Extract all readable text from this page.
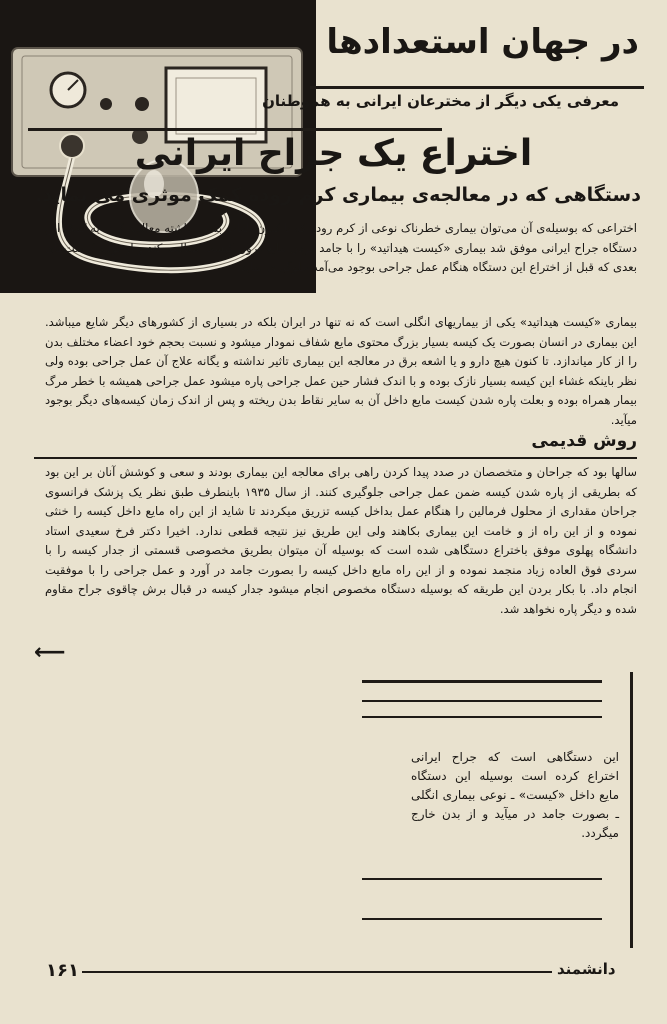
در جهان استعدادها
معرفی یکی دیگر از مخترعان ایرانی به هموطنان
اختراع یک جراح ایرانی
دستگاهی که در معالجه‌ی بیماری کرم روده کمک موثری می نماید.
اختراعی که بوسیله‌ی آن می‌توان بیماری خطرناک نوعی از کرم روده که تا کنون تلفات بسیار داشته معالجه کرد. به کمک این دستگاه جراح ایرانی موفق شد بیماری «کیست هیداتید» را با جامد کردن مایع درون کیست معالجه کند و از تولید کیست‌های بعدی که قبل از اختراع این دستگاه هنگام عمل جراحی بوجود می‌آمد جلوگیری نماید.
بیماری «کیست هیداتید» یکی از بیماریهای انگلی است که نه تنها در ایران بلکه در بسیاری از کشورهای دیگر شایع میباشد. این بیماری در انسان بصورت یک کیسه بسیار بزرگ محتوی مایع شفاف نمودار میشود و نسبت بحجم خود اعضاء مختلف بدن را از کار میاندازد. تا کنون هیچ دارو و یا اشعه برق در معالجه این بیماری تاثیر نداشته و یگانه علاج آن عمل جراحی بوده ولی نظر باینکه غشاء این کیسه بسیار نازک بوده و با اندک فشار حین عمل جراحی پاره میشود عمل جراحی همیشه با خطر مرگ بیمار همراه بوده و بعلت پاره شدن کیست مایع داخل آن به سایر نقاط بدن ریخته و پس از اندک زمان کیسه‌های دیگر بوجود میآید.
روش قدیمی
سالها بود که جراحان و متخصصان در صدد پیدا کردن راهی برای معالجه این بیماری بودند و سعی و کوشش آنان بر این بود که بطریقی از پاره شدن کیسه ضمن عمل جراحی جلوگیری کنند. از سال ۱۹۳۵ باینطرف طبق نظر یک پزشک فرانسوی جراحان مقداری از محلول فرمالین را هنگام عمل بداخل کیسه تزریق میکردند تا شاید از این راه مایع داخل کیسه را خنثی نموده و از این راه از و خامت این بیماری بکاهند ولی این طریق نیز نتیجه قطعی ندارد. اخیرا دکتر فرخ سعیدی استاد دانشگاه پهلوی موفق باختراع دستگاهی شده است که بوسیله آن میتوان بطریق مخصوصی قسمتی از جدار کیسه را با سردی فوق العاده زیاد منجمد نموده و از این راه مایع داخل کیسه را بصورت جامد در آورد و عمل جراحی را با موفقیت انجام داد. با بکار بردن این طریقه که بوسیله دستگاه مخصوص انجام میشود جدار کیسه در قبال برش چاقوی جراح مقاوم شده و دیگر پاره نخواهد شد.
⟵
این دستگاهی است که جراح ایرانی اختراع کرده است بوسیله این دستگاه مایع داخل «کیست» ـ نوعی بیماری انگلی ـ بصورت جامد در میآید و از بدن خارج میگردد.
دانشمند
۱۶۱
